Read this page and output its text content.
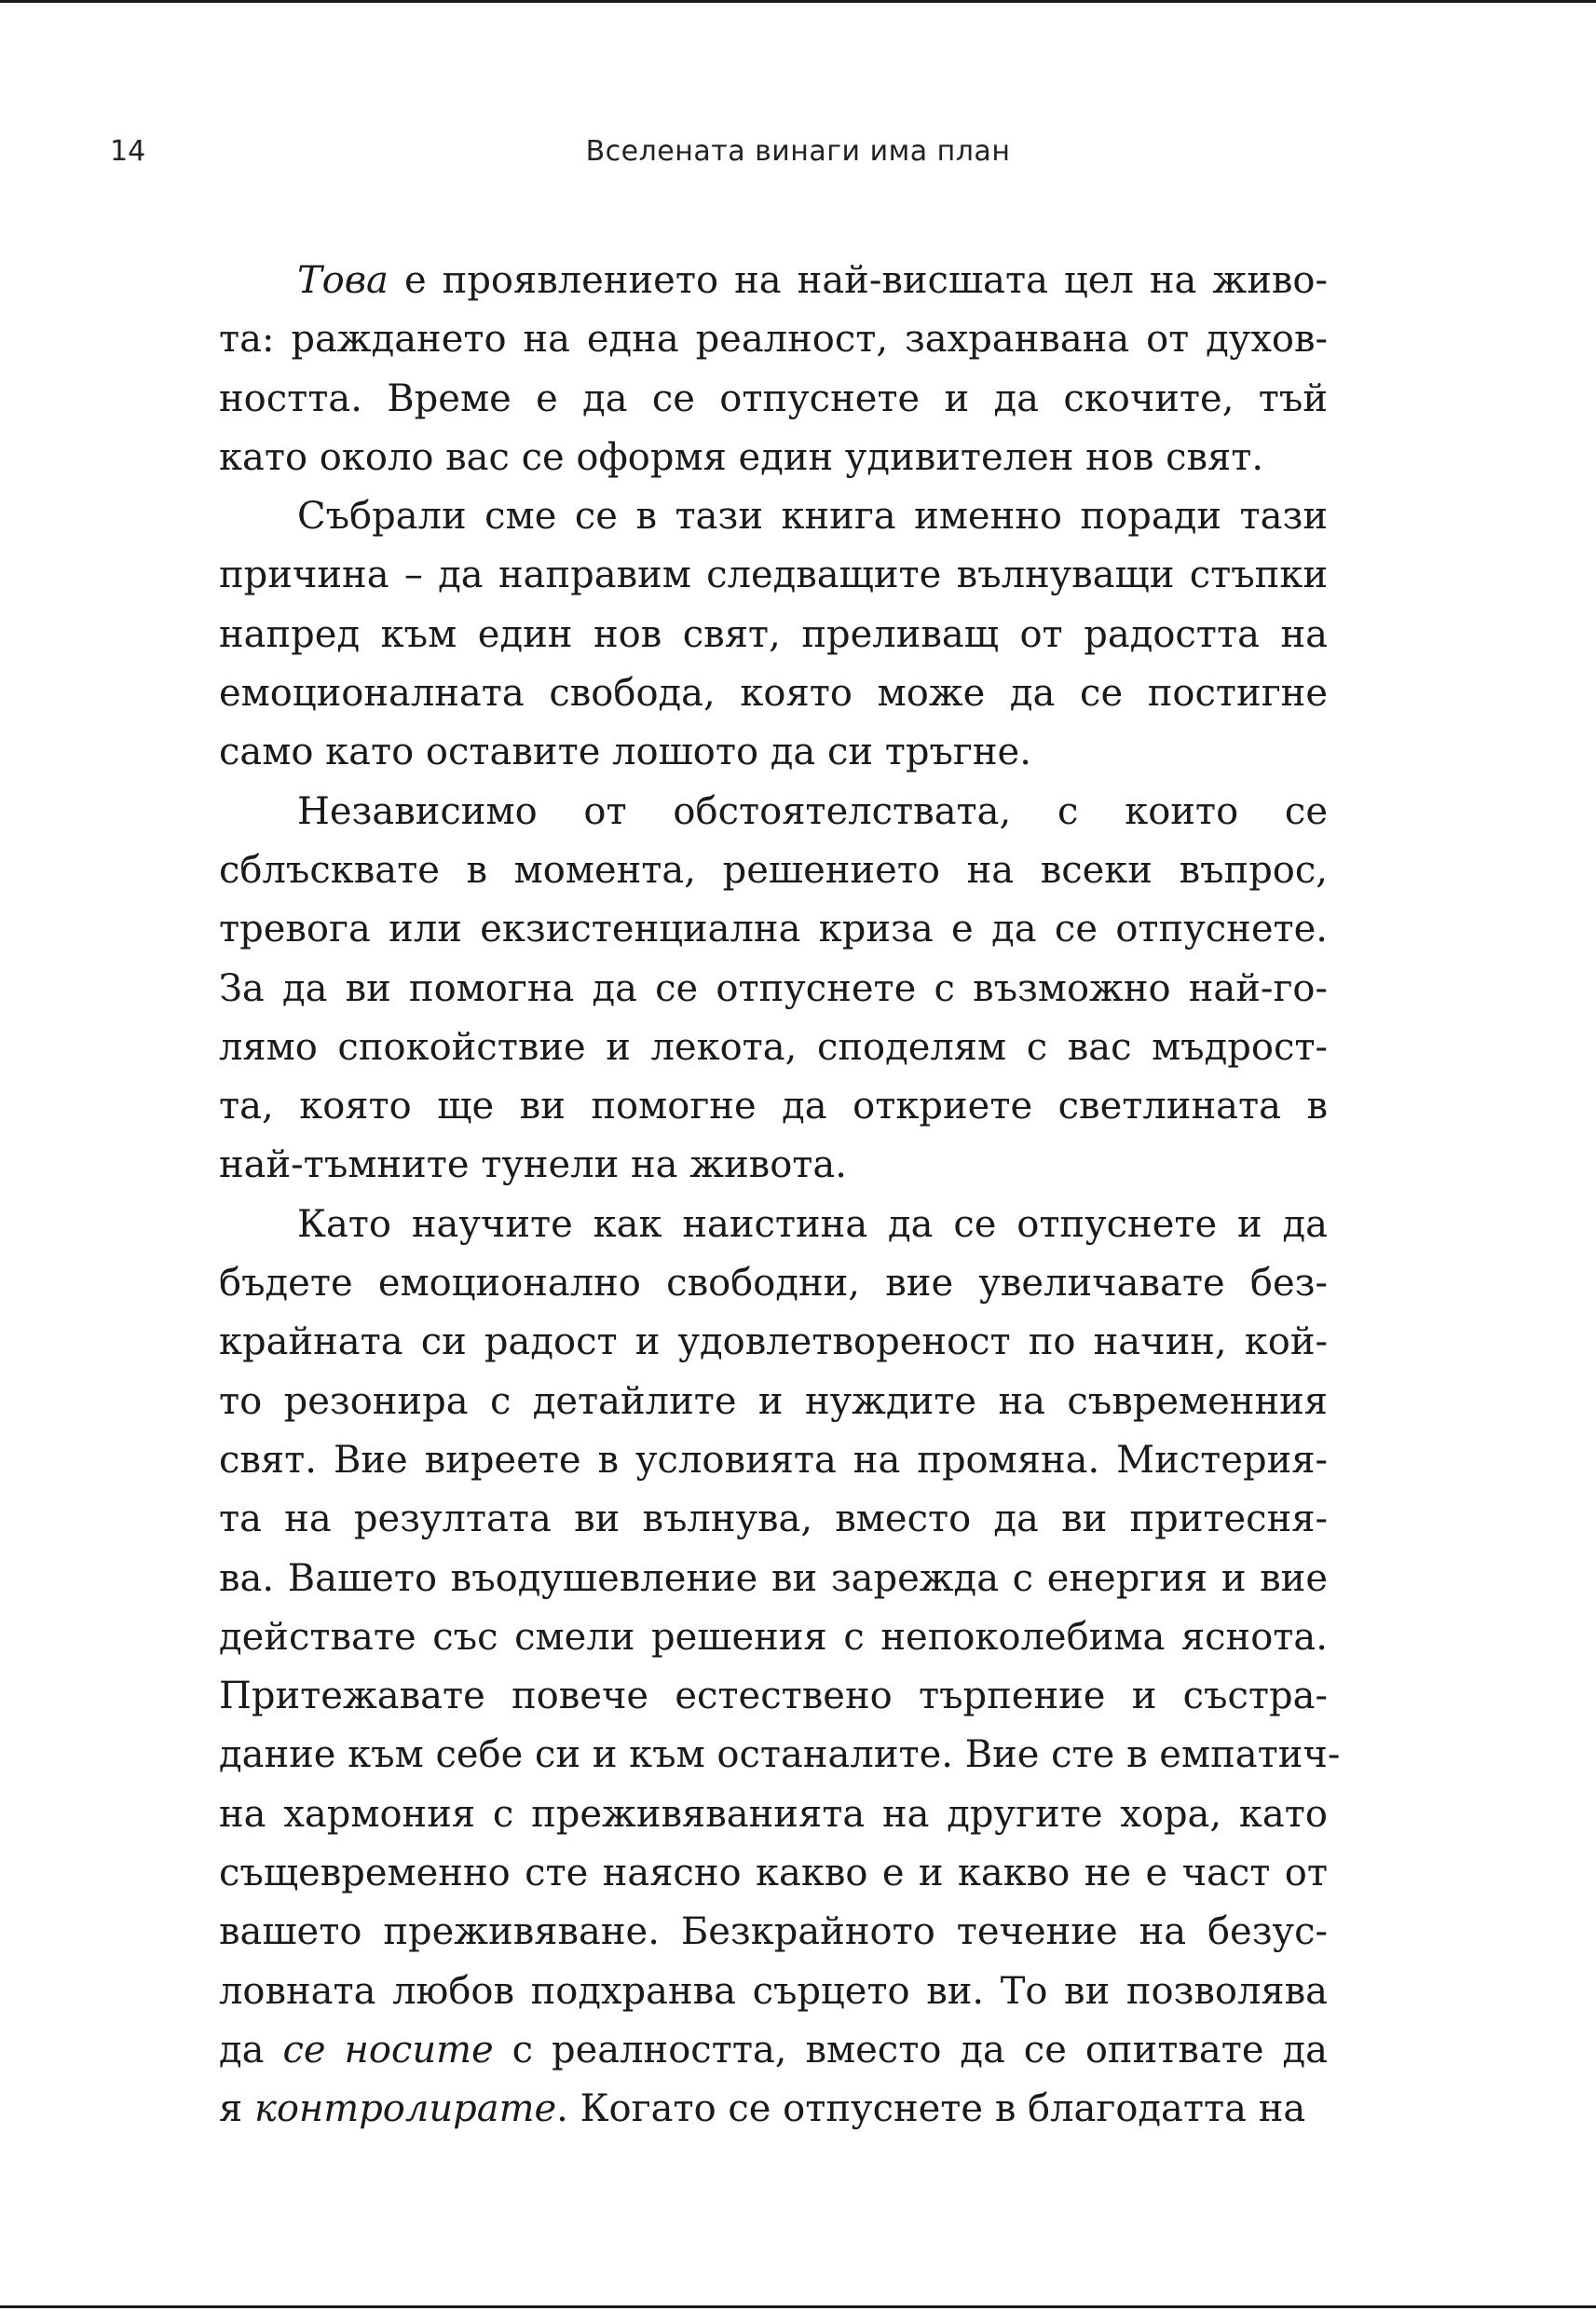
14	Вселената винаги има план
Това е проявлението на най-висшата цел на живо-
та: раждането на една реалност, захранвана от духов-
ността. Време е да се отпуснете и да скочите, тъй
като около вас се оформя един удивителен нов свят.
Събрали сме се в тази книга именно поради тази
причина – да направим следващите вълнуващи стъпки
напред към един нов свят, преливащ от радостта на
емоционалната свобода, която може да се постигне
само като оставите лошото да си тръгне.
Независимо от обстоятелствата, с които се
сблъсквате в момента, решението на всеки въпрос,
тревога или екзистенциална криза е да се отпуснете.
За да ви помогна да се отпуснете с възможно най-го-
лямо спокойствие и лекота, споделям с вас мъдрост-
та, която ще ви помогне да откриете светлината в
най-тъмните тунели на живота.
Като научите как наистина да се отпуснете и да
бъдете емоционално свободни, вие увеличавате без-
крайната си радост и удовлетвореност по начин, кой-
то резонира с детайлите и нуждите на съвременния
свят. Вие виреете в условията на промяна. Мистерия-
та на резултата ви вълнува, вместо да ви притесня-
ва. Вашето въодушевление ви зарежда с енергия и вие
действате със смели решения с непоколебима яснота.
Притежавате повече естествено търпение и състра-
дание към себе си и към останалите. Вие сте в емпатич-
на хармония с преживяванията на другите хора, като
същевременно сте наясно какво е и какво не е част от
вашето преживяване. Безкрайното течение на безус-
ловната любов подхранва сърцето ви. То ви позволява
да се носите с реалността, вместо да се опитвате да
я контролирате. Когато се отпуснете в благодатта на
